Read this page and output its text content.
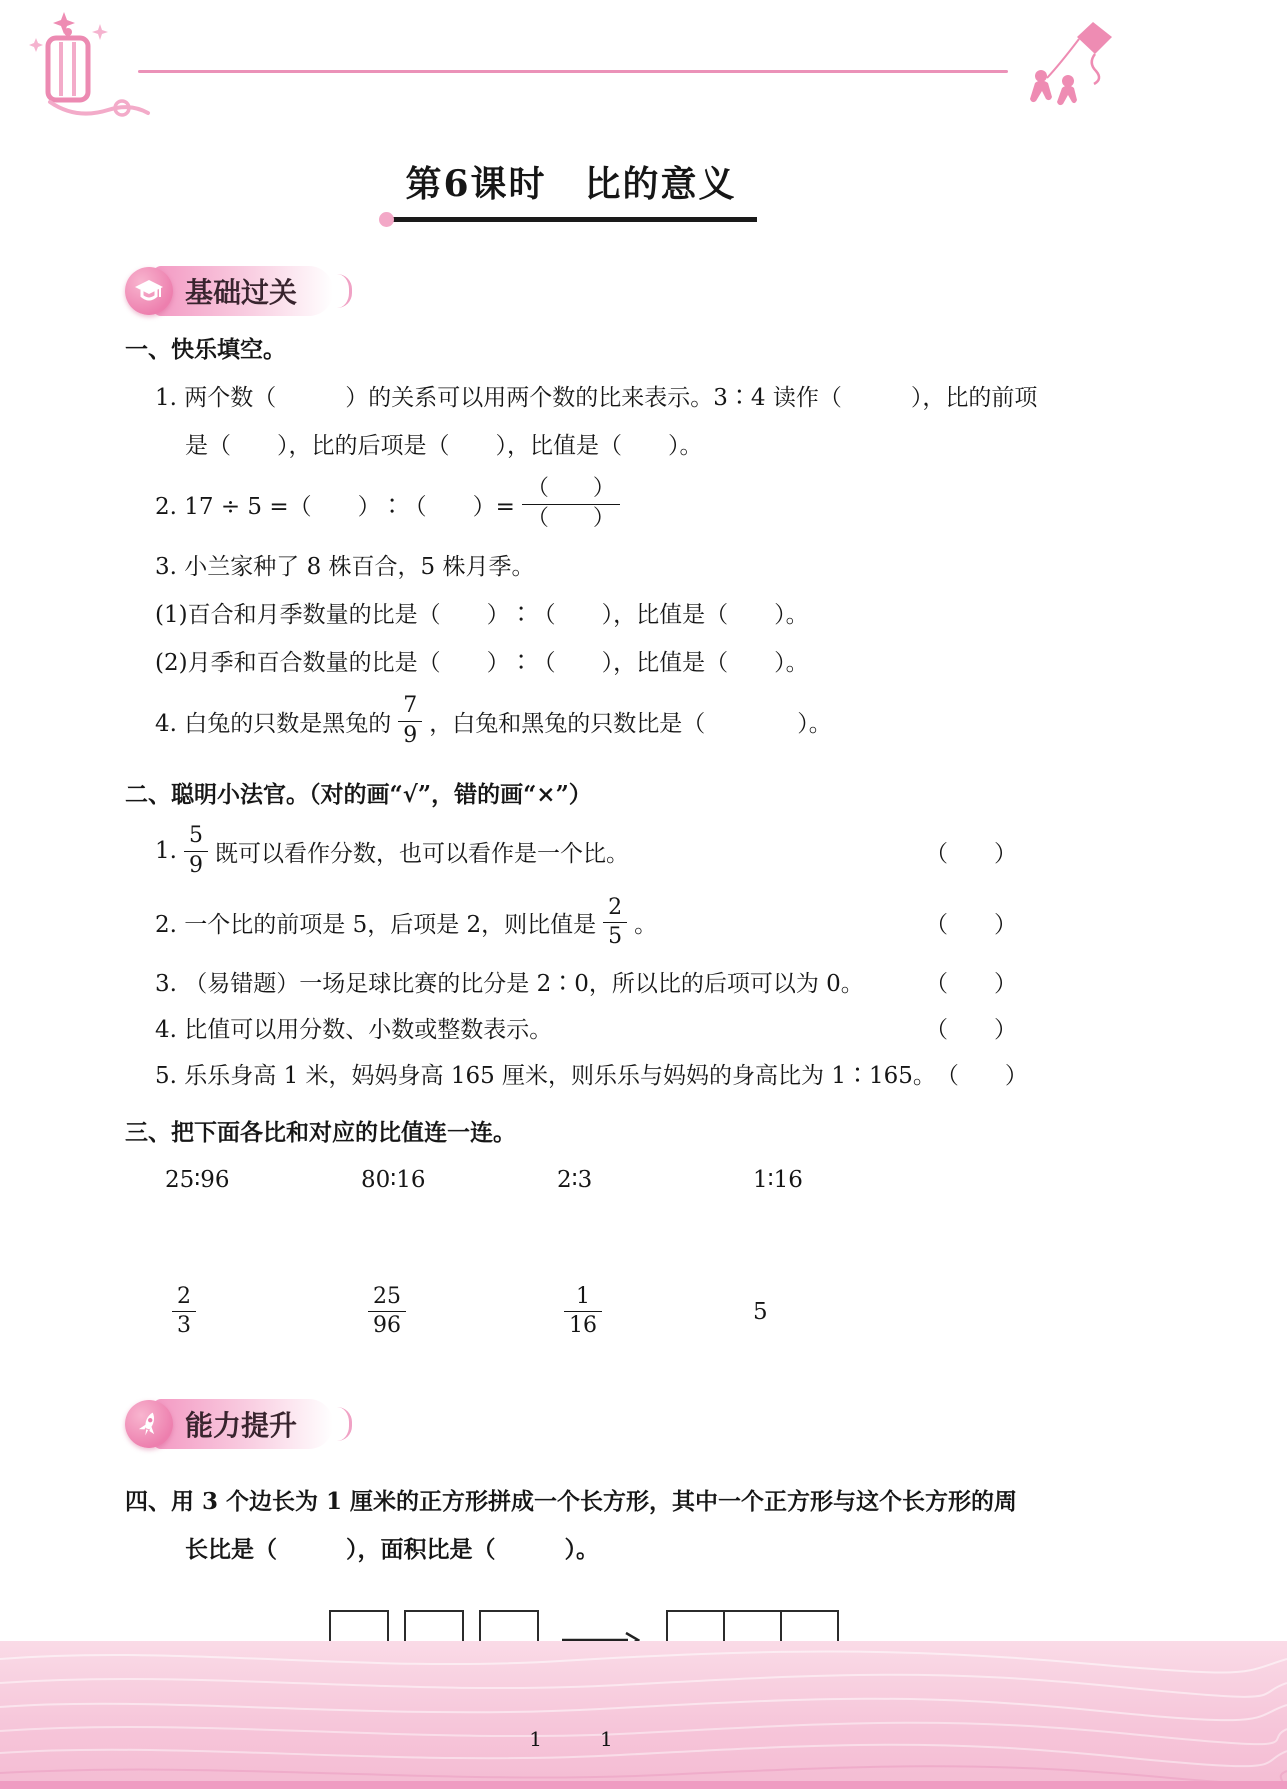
第6课时　比的意义
基础过关
一、快乐填空。
1. 两个数（　　　）的关系可以用两个数的比来表示。3∶4 读作（　　　），比的前项
是（　　），比的后项是（　　），比值是（　　）。
2. 17 ÷ 5 =（　　）∶（　　）= $\frac{( )}{( )}$
3. 小兰家种了 8 株百合，5 株月季。
(1)百合和月季数量的比是（　　）∶（　　），比值是（　　）。
(2)月季和百合数量的比是（　　）∶（　　），比值是（　　）。
4. 白兔的只数是黑兔的 $\frac{7}{9}$ ，白兔和黑兔的只数比是（　　　　）。
二、聪明小法官。（对的画“√”，错的画“×”）
1. $\frac{5}{9}$ 既可以看作分数，也可以看作是一个比。	（　　）
2. 一个比的前项是 5，后项是 2，则比值是 $\frac{2}{5}$ 。	（　　）
3. （易错题）一场足球比赛的比分是 2∶0，所以比的后项可以为 0。	（　　）
4. 比值可以用分数、小数或整数表示。	（　　）
5. 乐乐身高 1 米，妈妈身高 165 厘米，则乐乐与妈妈的身高比为 1∶165。 （　　）
三、把下面各比和对应的比值连一连。
25∶96	80∶16	2∶3	1∶16
$\frac{2}{3}$	$\frac{25}{96}$	$\frac{1}{16}$	5
能力提升
四、用 3 个边长为 1 厘米的正方形拼成一个长方形，其中一个正方形与这个长方形的周
长比是（　　　），面积比是（　　　）。
1	1
